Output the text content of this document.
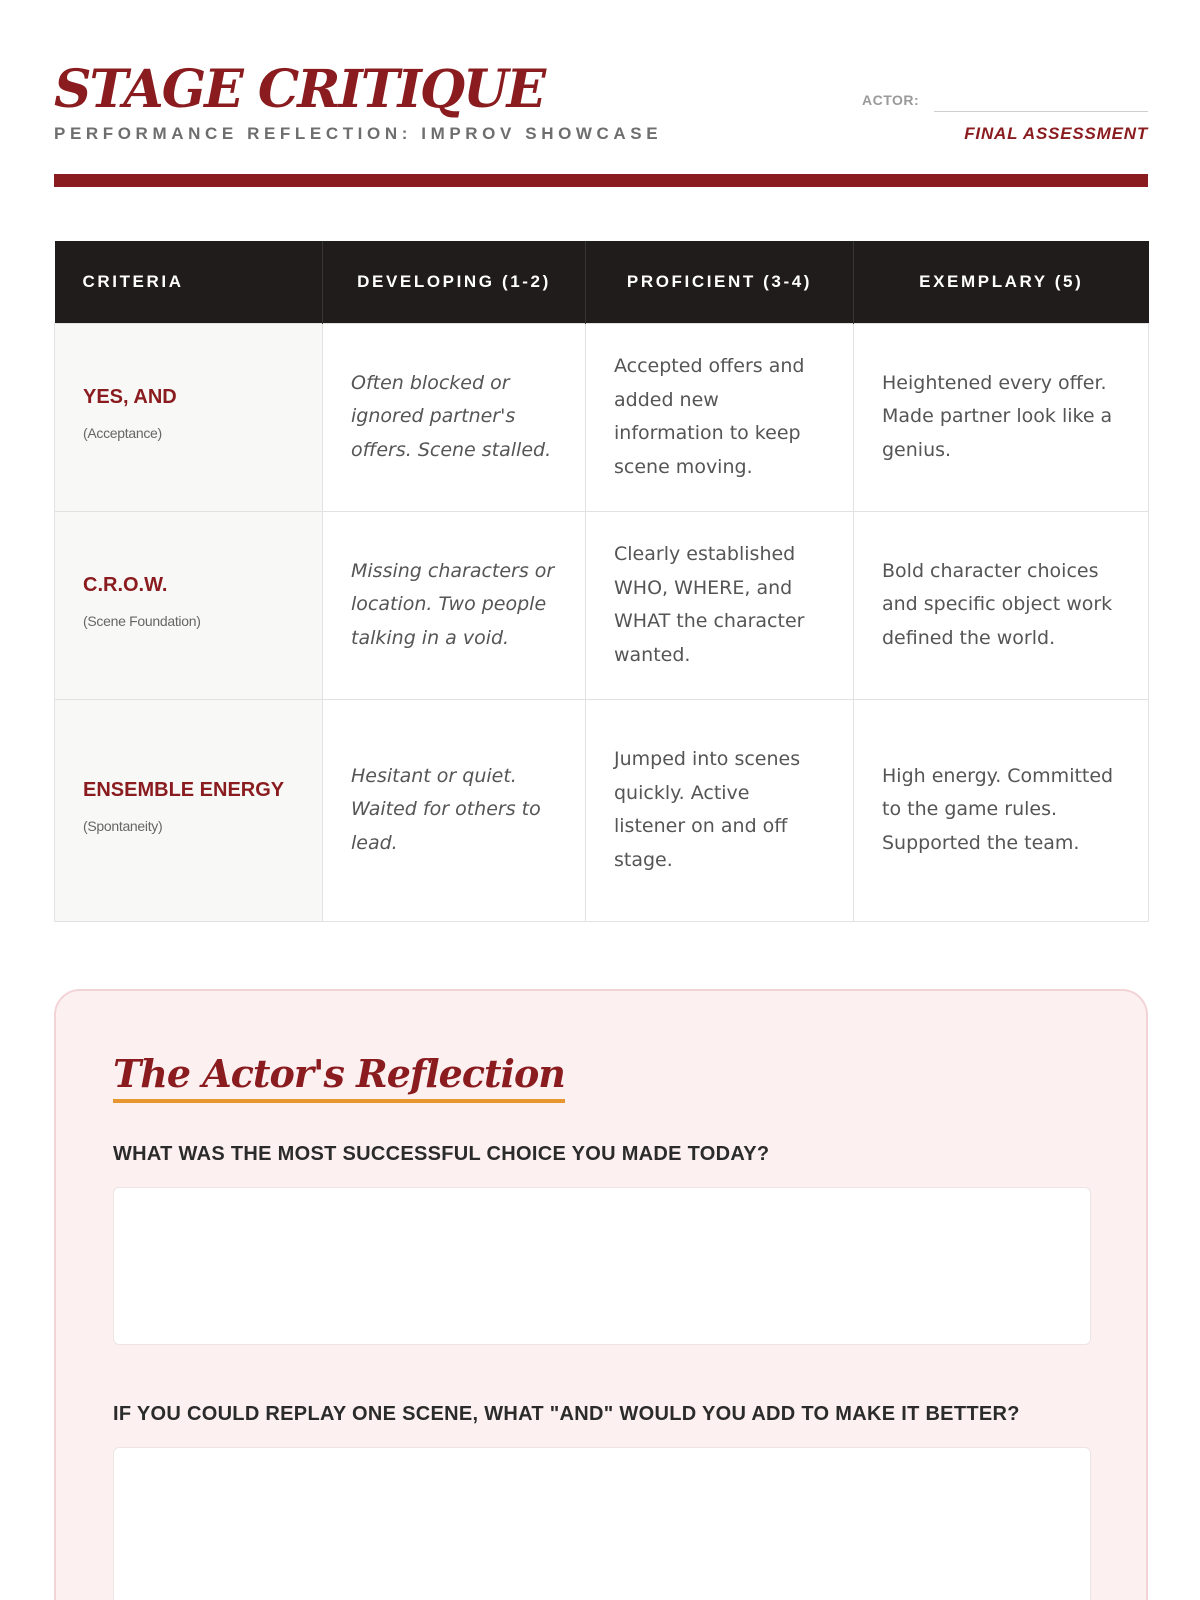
STAGE CRITIQUE
PERFORMANCE REFLECTION: IMPROV SHOWCASE
ACTOR:
FINAL ASSESSMENT
CRITERIA	DEVELOPING (1-2)	PROFICIENT (3-4)	EXEMPLARY (5)

YES, AND
(Acceptance)	Often blocked or ignored partner's offers. Scene stalled.	Accepted offers and added new information to keep scene moving.	Heightened every offer. Made partner look like a genius.

C.R.O.W.
(Scene Foundation)	Missing characters or location. Two people talking in a void.	Clearly established WHO, WHERE, and WHAT the character wanted.	Bold character choices and specific object work defined the world.

ENSEMBLE ENERGY
(Spontaneity)	Hesitant or quiet. Waited for others to lead.	Jumped into scenes quickly. Active listener on and off stage.	High energy. Committed to the game rules. Supported the team.
The Actor's Reflection
WHAT WAS THE MOST SUCCESSFUL CHOICE YOU MADE TODAY?
IF YOU COULD REPLAY ONE SCENE, WHAT "AND" WOULD YOU ADD TO MAKE IT BETTER?
